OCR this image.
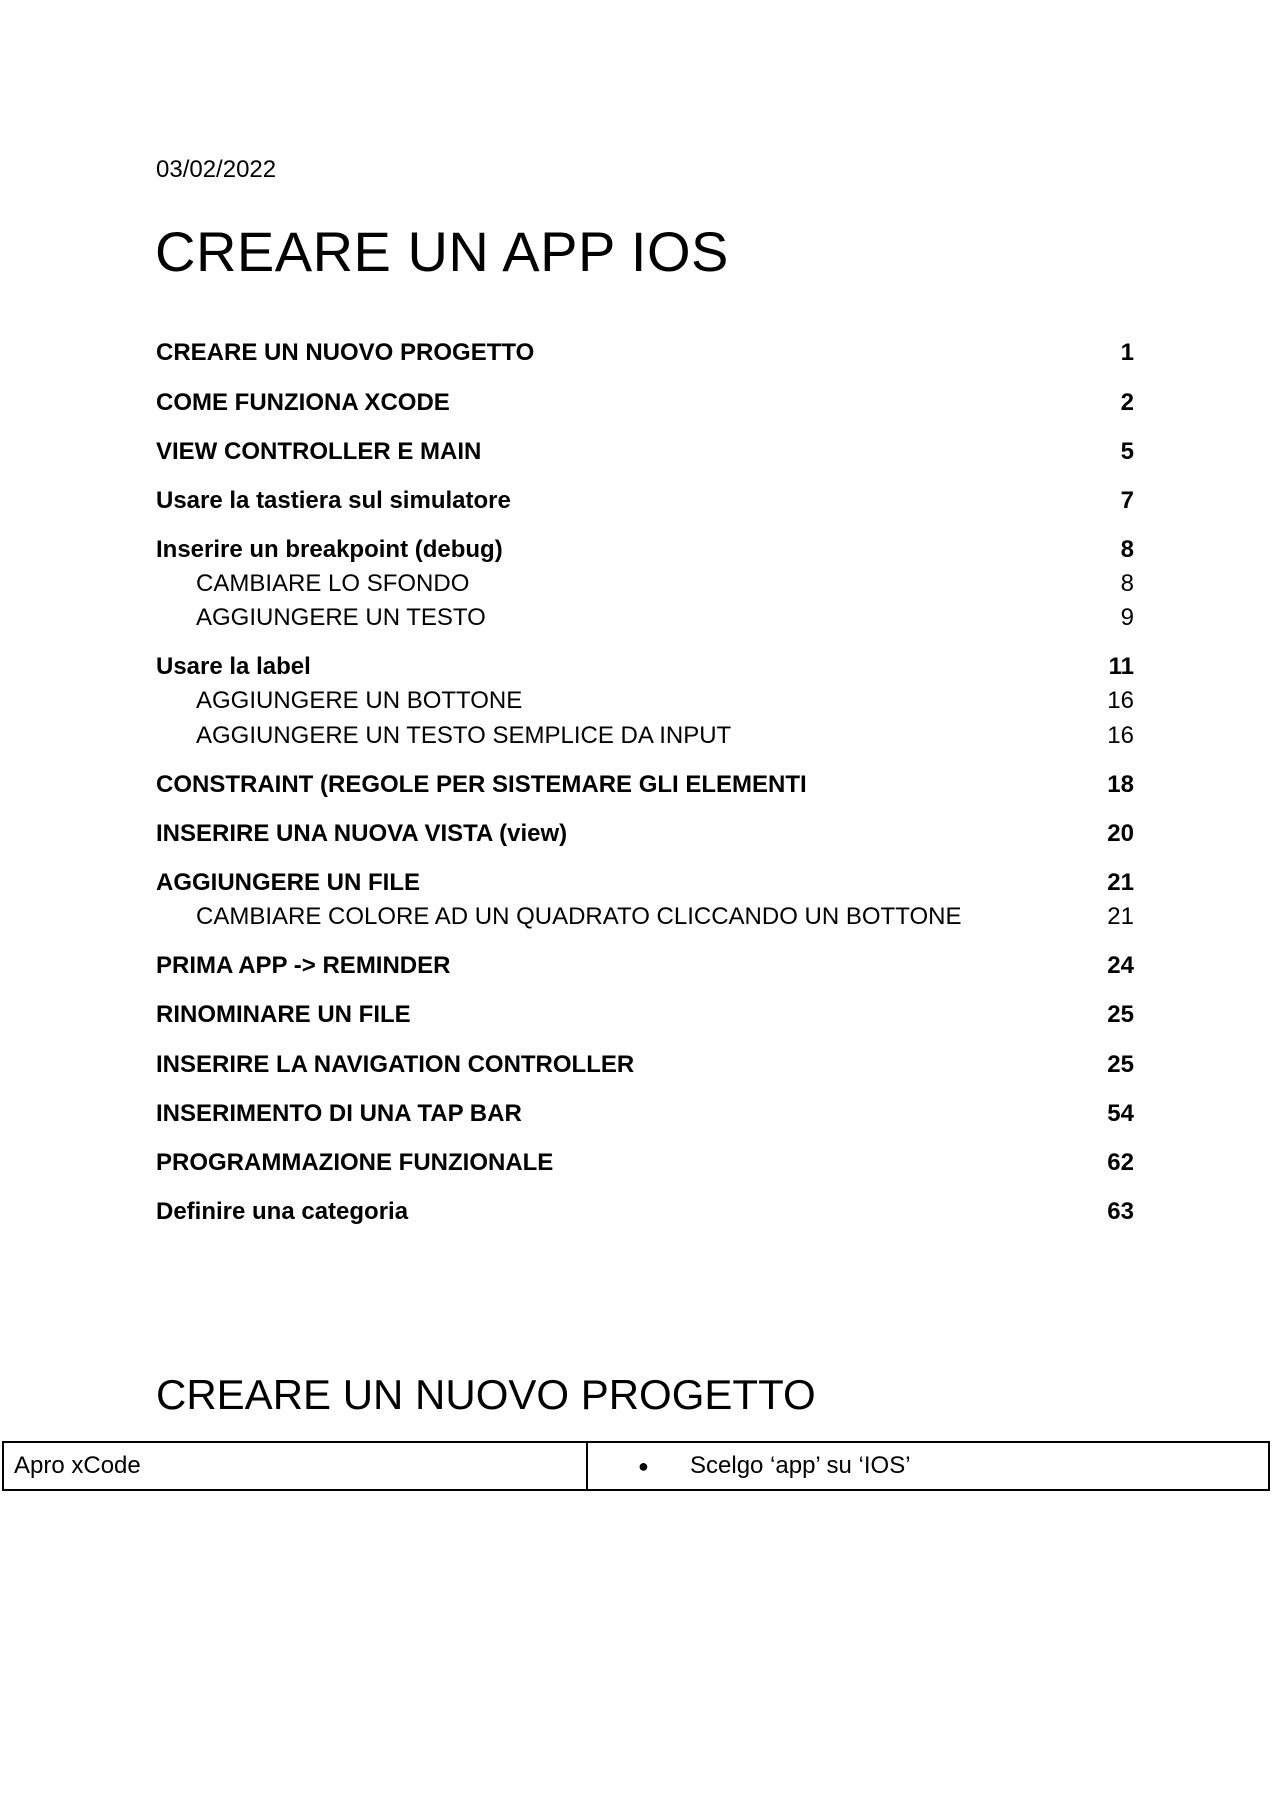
03/02/2022
CREARE UN APP IOS
CREARE UN NUOVO PROGETTO	1
COME FUNZIONA XCODE	2
VIEW CONTROLLER E MAIN	5
Usare la tastiera sul simulatore	7
Inserire un breakpoint (debug)	8
CAMBIARE LO SFONDO	8
AGGIUNGERE UN TESTO	9
Usare la label	11
AGGIUNGERE UN BOTTONE	16
AGGIUNGERE UN TESTO SEMPLICE DA INPUT	16
CONSTRAINT (REGOLE PER SISTEMARE GLI ELEMENTI	18
INSERIRE UNA NUOVA VISTA (view)	20
AGGIUNGERE UN FILE	21
CAMBIARE COLORE AD UN QUADRATO CLICCANDO UN BOTTONE	21
PRIMA APP -> REMINDER	24
RINOMINARE UN FILE	25
INSERIRE LA NAVIGATION CONTROLLER	25
INSERIMENTO DI UNA TAP BAR	54
PROGRAMMAZIONE FUNZIONALE	62
Definire una categoria	63
CREARE UN NUOVO PROGETTO
Apro xCode	● Scelgo ‘app’ su ‘IOS’
